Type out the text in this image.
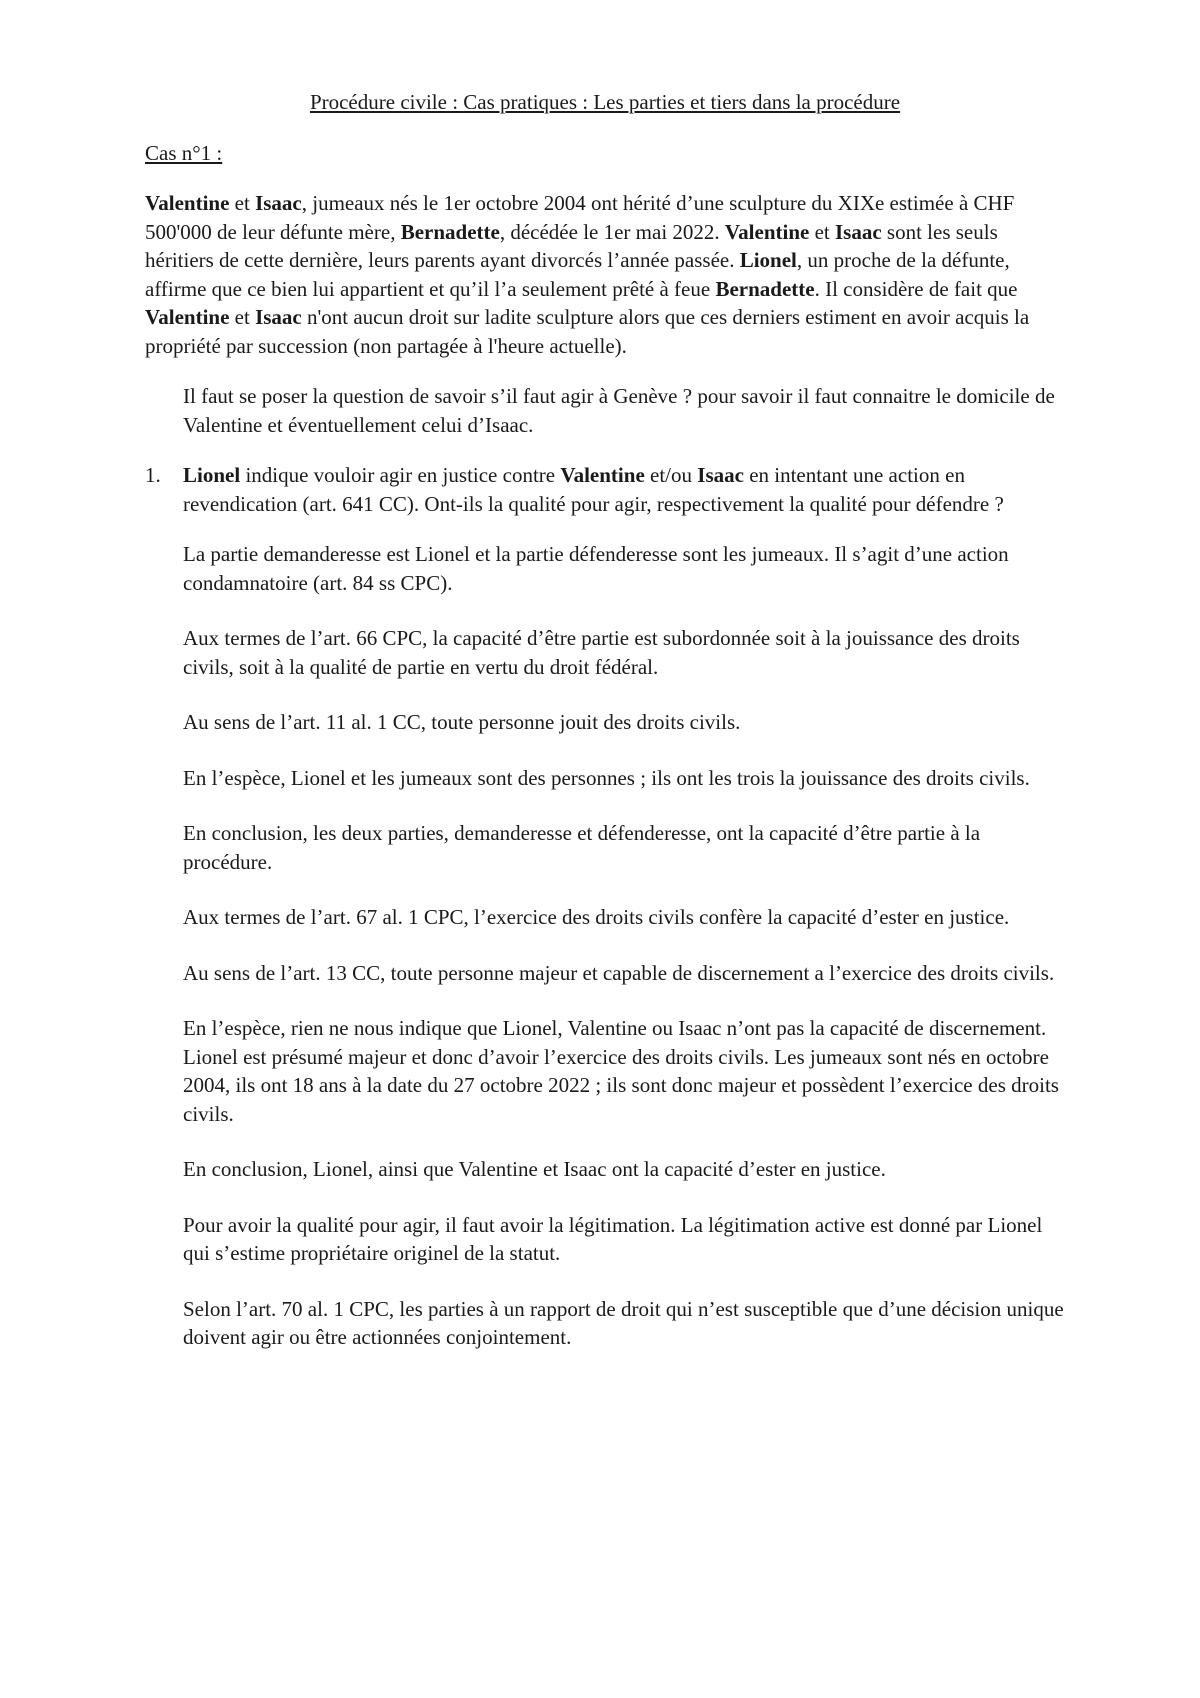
Procédure civile : Cas pratiques : Les parties et tiers dans la procédure
Cas n°1 :
Valentine et Isaac, jumeaux nés le 1er octobre 2004 ont hérité d’une sculpture du XIXe estimée à CHF 500'000 de leur défunte mère, Bernadette, décédée le 1er mai 2022. Valentine et Isaac sont les seuls héritiers de cette dernière, leurs parents ayant divorcés l’année passée. Lionel, un proche de la défunte, affirme que ce bien lui appartient et qu’il l’a seulement prêté à feue Bernadette. Il considère de fait que Valentine et Isaac n'ont aucun droit sur ladite sculpture alors que ces derniers estiment en avoir acquis la propriété par succession (non partagée à l'heure actuelle).
Il faut se poser la question de savoir s’il faut agir à Genève ? pour savoir il faut connaitre le domicile de Valentine et éventuellement celui d’Isaac.
1.	Lionel indique vouloir agir en justice contre Valentine et/ou Isaac en intentant une action en revendication (art. 641 CC). Ont-ils la qualité pour agir, respectivement la qualité pour défendre ?
La partie demanderesse est Lionel et la partie défenderesse sont les jumeaux. Il s’agit d’une action condamnatoire (art. 84 ss CPC).
Aux termes de l’art. 66 CPC, la capacité d’être partie est subordonnée soit à la jouissance des droits civils, soit à la qualité de partie en vertu du droit fédéral.
Au sens de l’art. 11 al. 1 CC, toute personne jouit des droits civils.
En l’espèce, Lionel et les jumeaux sont des personnes ; ils ont les trois la jouissance des droits civils.
En conclusion, les deux parties, demanderesse et défenderesse, ont la capacité d’être partie à la procédure.
Aux termes de l’art. 67 al. 1 CPC, l’exercice des droits civils confère la capacité d’ester en justice.
Au sens de l’art. 13 CC, toute personne majeur et capable de discernement a l’exercice des droits civils.
En l’espèce, rien ne nous indique que Lionel, Valentine ou Isaac n’ont pas la capacité de discernement. Lionel est présumé majeur et donc d’avoir l’exercice des droits civils. Les jumeaux sont nés en octobre 2004, ils ont 18 ans à la date du 27 octobre 2022 ; ils sont donc majeur et possèdent l’exercice des droits civils.
En conclusion, Lionel, ainsi que Valentine et Isaac ont la capacité d’ester en justice.
Pour avoir la qualité pour agir, il faut avoir la légitimation. La légitimation active est donné par Lionel qui s’estime propriétaire originel de la statut.
Selon l’art. 70 al. 1 CPC, les parties à un rapport de droit qui n’est susceptible que d’une décision unique doivent agir ou être actionnées conjointement.
